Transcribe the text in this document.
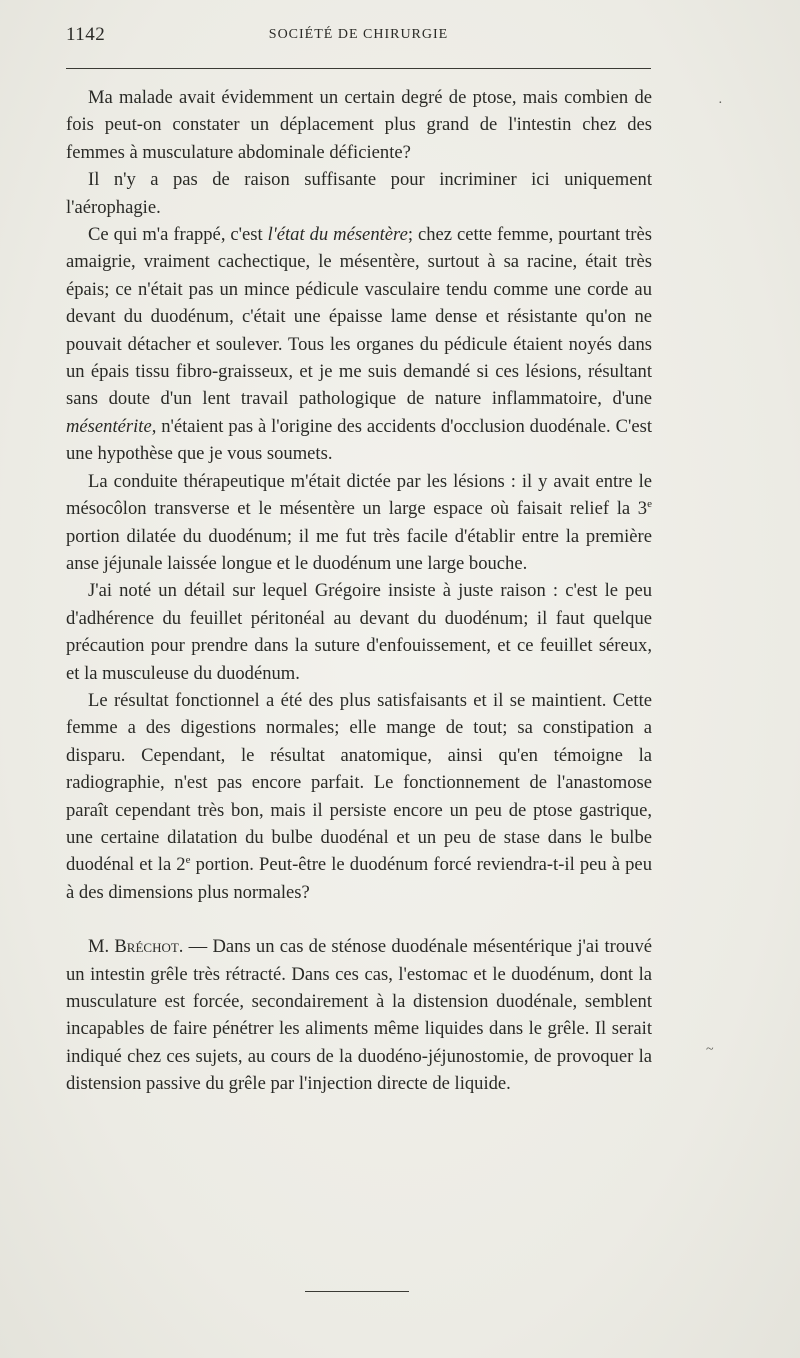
1142	SOCIÉTÉ DE CHIRURGIE

Ma malade avait évidemment un certain degré de ptose, mais combien de fois peut-on constater un déplacement plus grand de l'intestin chez des femmes à musculature abdominale déficiente?

Il n'y a pas de raison suffisante pour incriminer ici uniquement l'aérophagie.

Ce qui m'a frappé, c'est l'état du mésentère; chez cette femme, pourtant très amaigrie, vraiment cachectique, le mésentère, surtout à sa racine, était très épais; ce n'était pas un mince pédicule vasculaire tendu comme une corde au devant du duodénum, c'était une épaisse lame dense et résistante qu'on ne pouvait détacher et soulever. Tous les organes du pédicule étaient noyés dans un épais tissu fibro-graisseux, et je me suis demandé si ces lésions, résultant sans doute d'un lent travail pathologique de nature inflammatoire, d'une mésentérite, n'étaient pas à l'origine des accidents d'occlusion duodénale. C'est une hypothèse que je vous soumets.

La conduite thérapeutique m'était dictée par les lésions : il y avait entre le mésocôlon transverse et le mésentère un large espace où faisait relief la 3e portion dilatée du duodénum; il me fut très facile d'établir entre la première anse jéjunale laissée longue et le duodénum une large bouche.

J'ai noté un détail sur lequel Grégoire insiste à juste raison : c'est le peu d'adhérence du feuillet péritonéal au devant du duodénum; il faut quelque précaution pour prendre dans la suture d'enfouissement, et ce feuillet séreux, et la musculeuse du duodénum.

Le résultat fonctionnel a été des plus satisfaisants et il se maintient. Cette femme a des digestions normales; elle mange de tout; sa constipation a disparu. Cependant, le résultat anatomique, ainsi qu'en témoigne la radiographie, n'est pas encore parfait. Le fonctionnement de l'anastomose paraît cependant très bon, mais il persiste encore un peu de ptose gastrique, une certaine dilatation du bulbe duodénal et un peu de stase dans le bulbe duodénal et la 2e portion. Peut-être le duodénum forcé reviendra-t-il peu à peu à des dimensions plus normales?

M. Bréchot. — Dans un cas de sténose duodénale mésentérique j'ai trouvé un intestin grêle très rétracté. Dans ces cas, l'estomac et le duodénum, dont la musculature est forcée, secondairement à la distension duodénale, semblent incapables de faire pénétrer les aliments même liquides dans le grêle. Il serait indiqué chez ces sujets, au cours de la duodéno-jéjunostomie, de provoquer la distension passive du grêle par l'injection directe de liquide.

·
~
